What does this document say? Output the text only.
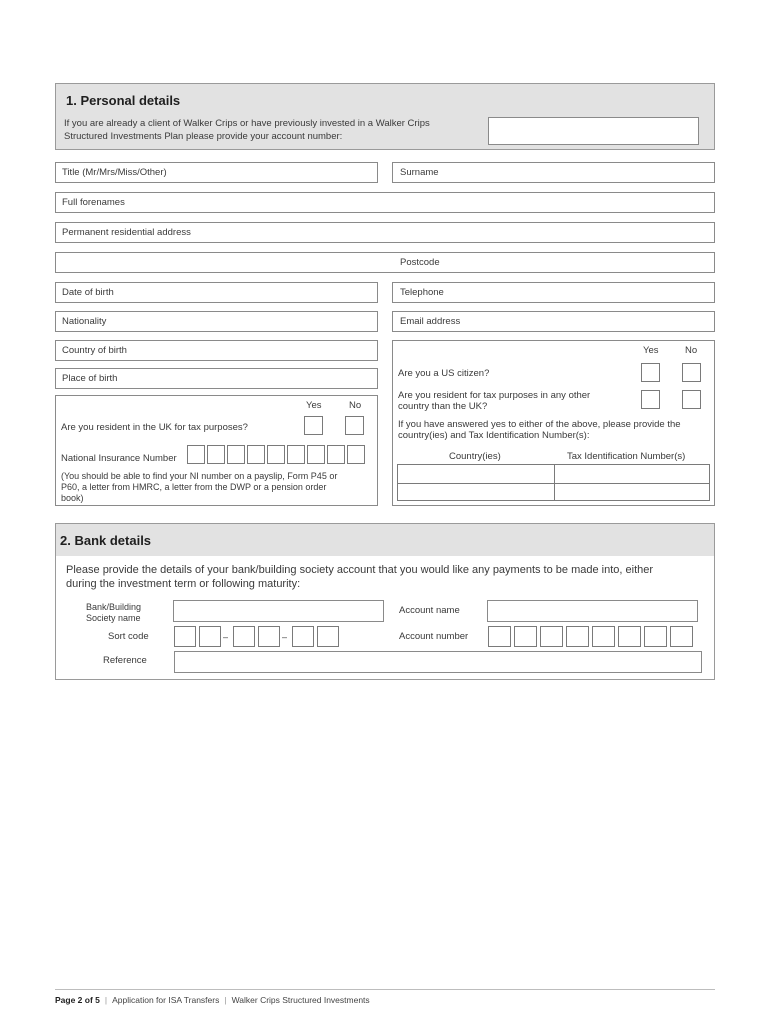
1. Personal details
If you are already a client of Walker Crips or have previously invested in a Walker Crips
Structured Investments Plan please provide your account number:
Title (Mr/Mrs/Miss/Other)	Surname
Full forenames
Permanent residential address
Postcode
Date of birth	Telephone
Nationality	Email address
Country of birth
Place of birth
Yes	No
Are you resident in the UK for tax purposes?
National Insurance Number
(You should be able to find your NI number on a payslip, Form P45 or
P60, a letter from HMRC, a letter from the DWP or a pension order
book)
Yes	No
Are you a US citizen?
Are you resident for tax purposes in any other
country than the UK?
If you have answered yes to either of the above, please provide the
country(ies) and Tax Identification Number(s):
Country(ies)	Tax Identification Number(s)
2. Bank details
Please provide the details of your bank/building society account that you would like any payments to be made into, either
during the investment term or following maturity:
Bank/Building
Society name
Account name
Sort code	–	–	Account number
Reference
Page 2 of 5 | Application for ISA Transfers | Walker Crips Structured Investments
